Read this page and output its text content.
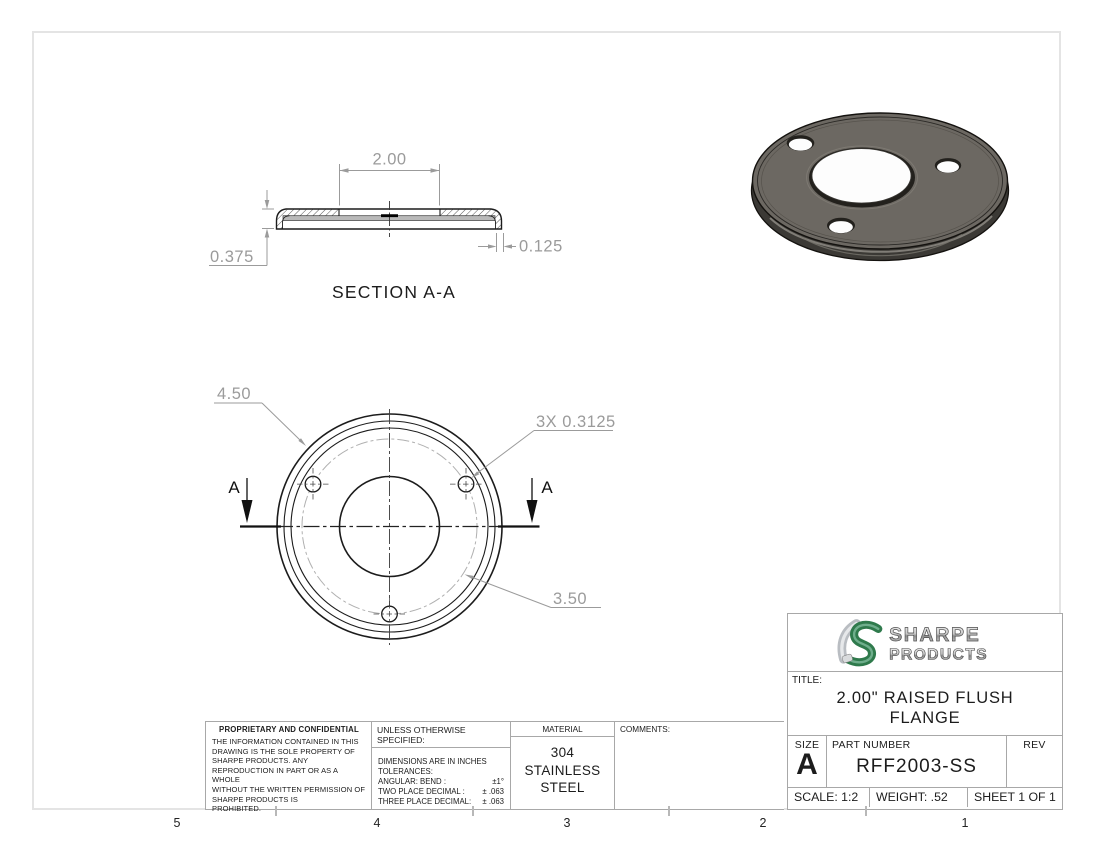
2.00
0.375
0.125
SECTION A-A
A	A
4.50
3X 0.3125
3.50
PROPRIETARY AND CONFIDENTIAL
THE INFORMATION CONTAINED IN THIS
DRAWING IS THE SOLE PROPERTY OF
SHARPE PRODUCTS. ANY
REPRODUCTION IN PART OR AS A WHOLE
WITHOUT THE WRITTEN PERMISSION OF
SHARPE PRODUCTS IS
PROHIBITED.
UNLESS OTHERWISE SPECIFIED:
DIMENSIONS ARE IN INCHES
TOLERANCES:
ANGULAR: BEND :	±1°
TWO PLACE DECIMAL : ± .063
THREE PLACE DECIMAL: ± .063
MATERIAL
304
STAINLESS
STEEL
COMMENTS:
SHARPE
PRODUCTS
TITLE:
2.00" RAISED FLUSH
FLANGE
SIZE
A
PART NUMBER
RFF2003-SS
REV
SCALE: 1:2	WEIGHT: .52	SHEET 1 OF 1
5	4	3	2	1
